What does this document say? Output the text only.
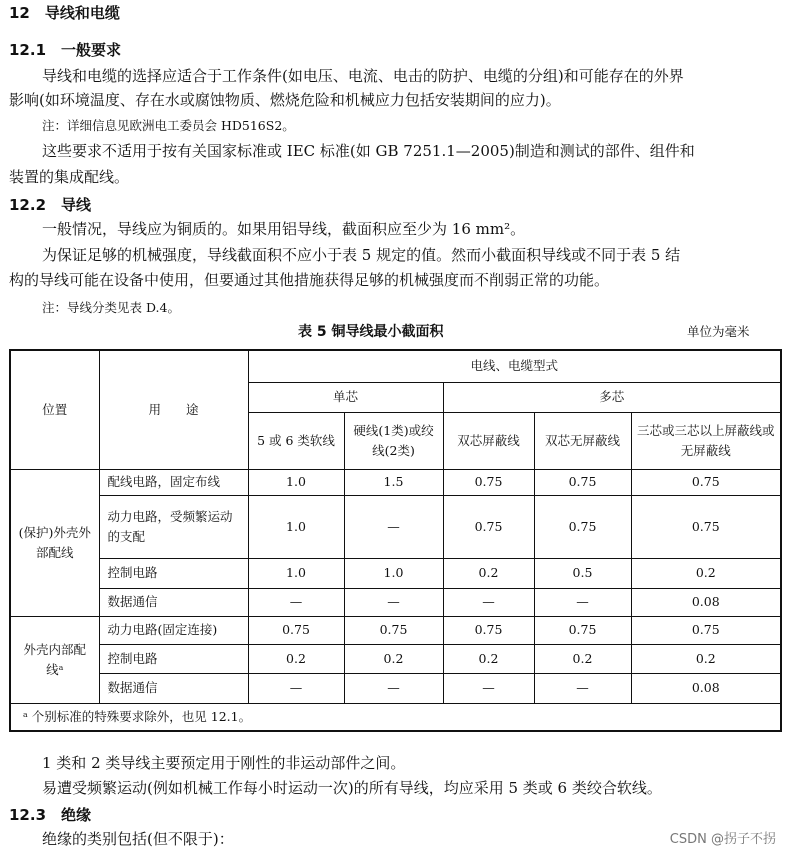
12　 导线和电缆
12.1　 一般要求
导线和电缆的选择应适合于工作条件(如电压、电流、电击的防护、电缆的分组)和可能存在的外界
影响(如环境温度、存在水或腐蚀物质、燃烧危险和机械应力包括安装期间的应力)。
注：详细信息见欧洲电工委员会 HD516S2。
这些要求不适用于按有关国家标准或 IEC 标准(如 GB 7251.1—2005)制造和测试的部件、组件和
装置的集成配线。
12.2　 导线
一般情况，导线应为铜质的。如果用铝导线，截面积应至少为 16 mm²。
为保证足够的机械强度，导线截面积不应小于表 5 规定的值。然而小截面积导线或不同于表 5 结
构的导线可能在设备中使用，但要通过其他措施获得足够的机械强度而不削弱正常的功能。
注：导线分类见表 D.4。
表 5 铜导线最小截面积	单位为毫米
位置	用　　途	电线、电缆型式				
		单芯		多芯		
		5 或 6 类软线	硬线(1类)或绞线(2类)	双芯屏蔽线	双芯无屏蔽线	三芯或三芯以上屏蔽线或无屏蔽线
(保护)外壳外部配线	配线电路，固定布线	1.0	1.5	0.75	0.75	0.75
	动力电路，受频繁运动的支配	1.0	—	0.75	0.75	0.75
	控制电路	1.0	1.0	0.2	0.5	0.2
	数据通信	—	—	—	—	0.08
外壳内部配线ᵃ	动力电路(固定连接)	0.75	0.75	0.75	0.75	0.75
	控制电路	0.2	0.2	0.2	0.2	0.2
	数据通信	—	—	—	—	0.08
ᵃ 个别标准的特殊要求除外，也见 12.1。						
1 类和 2 类导线主要预定用于刚性的非运动部件之间。
易遭受频繁运动(例如机械工作每小时运动一次)的所有导线，均应采用 5 类或 6 类绞合软线。
12.3　 绝缘
绝缘的类别包括(但不限于)：	CSDN @拐子不拐
